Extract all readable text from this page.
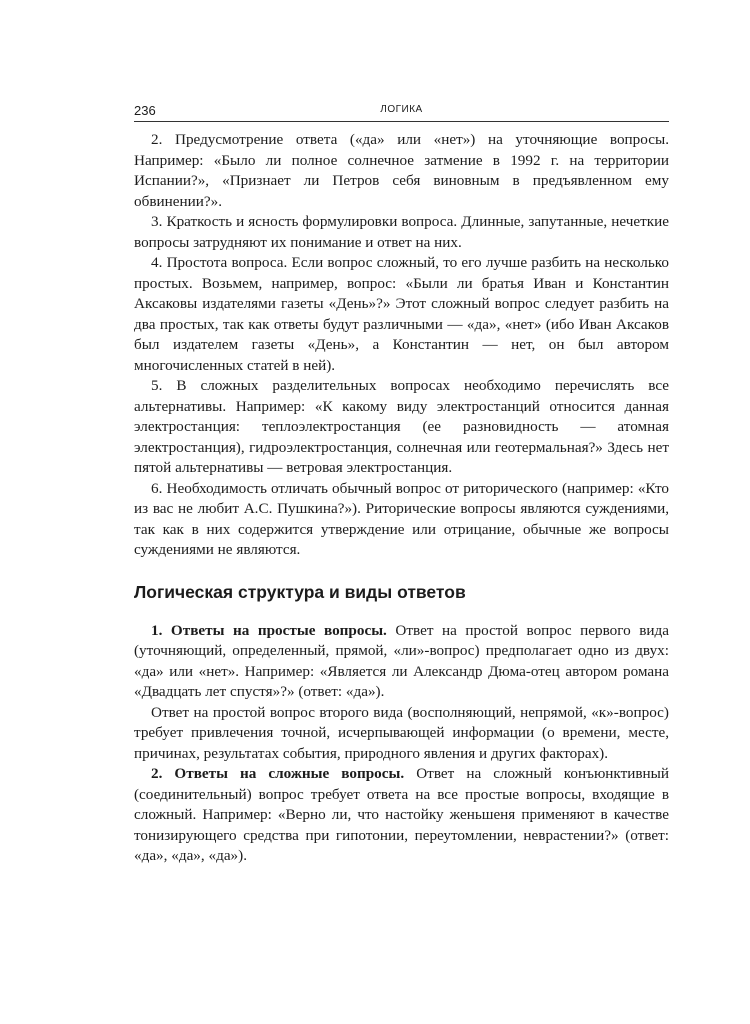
236	ЛОГИКА

2. Предусмотрение ответа («да» или «нет») на уточняющие вопросы. Например: «Было ли полное солнечное затмение в 1992 г. на территории Испании?», «Признает ли Петров себя виновным в предъявленном ему обвинении?».

3. Краткость и ясность формулировки вопроса. Длинные, запутанные, нечеткие вопросы затрудняют их понимание и ответ на них.

4. Простота вопроса. Если вопрос сложный, то его лучше разбить на несколько простых. Возьмем, например, вопрос: «Были ли братья Иван и Константин Аксаковы издателями газеты «День»?» Этот сложный вопрос следует разбить на два простых, так как ответы будут различными — «да», «нет» (ибо Иван Аксаков был издателем газеты «День», а Константин — нет, он был автором многочисленных статей в ней).

5. В сложных разделительных вопросах необходимо перечислять все альтернативы. Например: «К какому виду электростанций относится данная электростанция: теплоэлектростанция (ее разновидность — атомная электростанция), гидроэлектростанция, солнечная или геотермальная?» Здесь нет пятой альтернативы — ветровая электростанция.

6. Необходимость отличать обычный вопрос от риторического (например: «Кто из вас не любит А.С. Пушкина?»). Риторические вопросы являются суждениями, так как в них содержится утверждение или отрицание, обычные же вопросы суждениями не являются.

Логическая структура и виды ответов

1. Ответы на простые вопросы. Ответ на простой вопрос первого вида (уточняющий, определенный, прямой, «ли»-вопрос) предполагает одно из двух: «да» или «нет». Например: «Является ли Александр Дюма-отец автором романа «Двадцать лет спустя»?» (ответ: «да»).

Ответ на простой вопрос второго вида (восполняющий, непрямой, «к»-вопрос) требует привлечения точной, исчерпывающей информации (о времени, месте, причинах, результатах события, природного явления и других факторах).

2. Ответы на сложные вопросы. Ответ на сложный конъюнктивный (соединительный) вопрос требует ответа на все простые вопросы, входящие в сложный. Например: «Верно ли, что настойку женьшеня применяют в качестве тонизирующего средства при гипотонии, переутомлении, неврастении?» (ответ: «да», «да», «да»).
